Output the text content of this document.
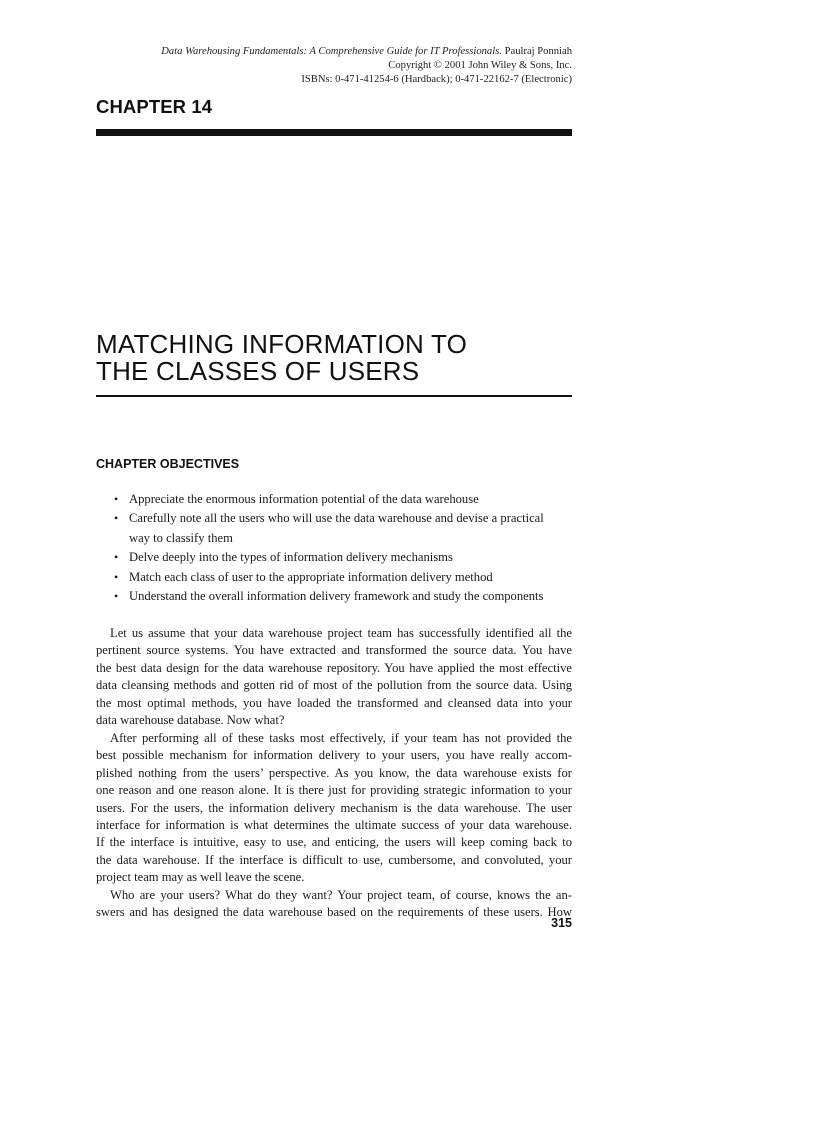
Data Warehousing Fundamentals: A Comprehensive Guide for IT Professionals. Paulraj Ponniah
Copyright © 2001 John Wiley & Sons, Inc.
ISBNs: 0-471-41254-6 (Hardback); 0-471-22162-7 (Electronic)
CHAPTER 14
MATCHING INFORMATION TO
THE CLASSES OF USERS
CHAPTER OBJECTIVES
• Appreciate the enormous information potential of the data warehouse
• Carefully note all the users who will use the data warehouse and devise a practical
way to classify them
• Delve deeply into the types of information delivery mechanisms
• Match each class of user to the appropriate information delivery method
• Understand the overall information delivery framework and study the components
Let us assume that your data warehouse project team has successfully identified all the
pertinent source systems. You have extracted and transformed the source data. You have
the best data design for the data warehouse repository. You have applied the most effective
data cleansing methods and gotten rid of most of the pollution from the source data. Using
the most optimal methods, you have loaded the transformed and cleansed data into your
data warehouse database. Now what?
After performing all of these tasks most effectively, if your team has not provided the
best possible mechanism for information delivery to your users, you have really accom-
plished nothing from the users’ perspective. As you know, the data warehouse exists for
one reason and one reason alone. It is there just for providing strategic information to your
users. For the users, the information delivery mechanism is the data warehouse. The user
interface for information is what determines the ultimate success of your data warehouse.
If the interface is intuitive, easy to use, and enticing, the users will keep coming back to
the data warehouse. If the interface is difficult to use, cumbersome, and convoluted, your
project team may as well leave the scene.
Who are your users? What do they want? Your project team, of course, knows the an-
swers and has designed the data warehouse based on the requirements of these users. How
315
